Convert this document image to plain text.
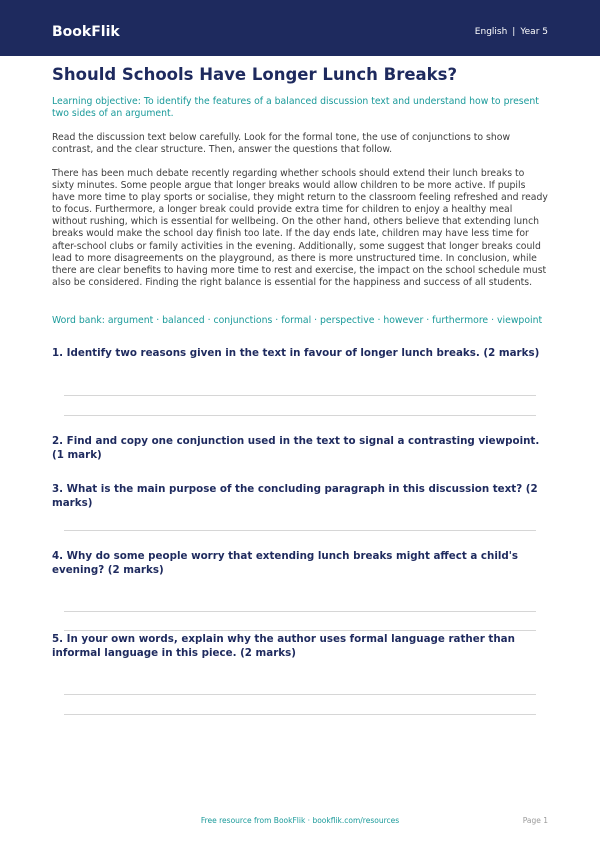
BookFlik	English | Year 5
Should Schools Have Longer Lunch Breaks?

Learning objective: To identify the features of a balanced discussion text and understand how to present two sides of an argument.

Read the discussion text below carefully. Look for the formal tone, the use of conjunctions to show contrast, and the clear structure. Then, answer the questions that follow.

There has been much debate recently regarding whether schools should extend their lunch breaks to sixty minutes. Some people argue that longer breaks would allow children to be more active. If pupils have more time to play sports or socialise, they might return to the classroom feeling refreshed and ready to focus. Furthermore, a longer break could provide extra time for children to enjoy a healthy meal without rushing, which is essential for wellbeing. On the other hand, others believe that extending lunch breaks would make the school day finish too late. If the day ends late, children may have less time for after-school clubs or family activities in the evening. Additionally, some suggest that longer breaks could lead to more disagreements on the playground, as there is more unstructured time. In conclusion, while there are clear benefits to having more time to rest and exercise, the impact on the school schedule must also be considered. Finding the right balance is essential for the happiness and success of all students.

Word bank: argument · balanced · conjunctions · formal · perspective · however · furthermore · viewpoint

1. Identify two reasons given in the text in favour of longer lunch breaks. (2 marks)

2. Find and copy one conjunction used in the text to signal a contrasting viewpoint. (1 mark)

3. What is the main purpose of the concluding paragraph in this discussion text? (2 marks)

4. Why do some people worry that extending lunch breaks might affect a child's evening? (2 marks)

5. In your own words, explain why the author uses formal language rather than informal language in this piece. (2 marks)

Free resource from BookFlik · bookflik.com/resources	Page 1
